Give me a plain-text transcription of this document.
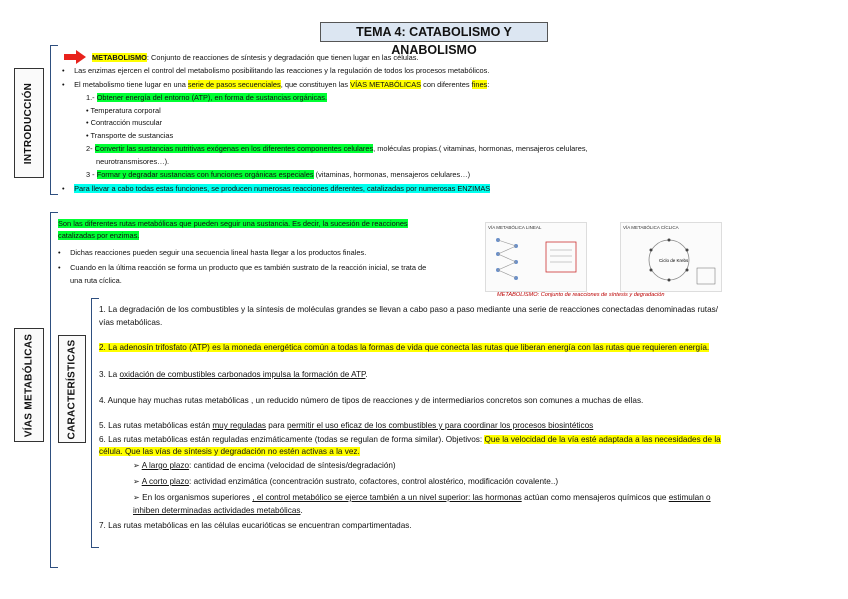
TEMA 4: CATABOLISMO Y ANABOLISMO
INTRODUCCIÓN
METABOLISMO: Conjunto de reacciones de síntesis y degradación que tienen lugar en las células.
• Las enzimas ejercen el control del metabolismo posibilitando las reacciones y la regulación de todos los procesos metabólicos.
• El metabolismo tiene lugar en una serie de pasos secuenciales, que constituyen las VÍAS METABÓLICAS con diferentes fines:
1.- Obtener energía del entorno (ATP), en forma de sustancias orgánicas.
• Temperatura corporal
• Contracción muscular
• Transporte de sustancias
2- Convertir las sustancias nutritivas exógenas en los diferentes componentes celulares, moléculas propias.( vitaminas, hormonas, mensajeros celulares,
neurotransmisores…).
3 - Formar y degradar sustancias con funciones orgánicas especiales (vitaminas, hormonas, mensajeros celulares…)
• Para llevar a cabo todas estas funciones, se producen numerosas reacciones diferentes, catalizadas por numerosas ENZIMAS
VÍAS METABÓLICAS
Son las diferentes rutas metabólicas que pueden seguir una sustancia. Es decir, la sucesión de reacciones
catalizadas por enzimas.
• Dichas reacciones pueden seguir una secuencia lineal hasta llegar a los productos finales.
• Cuando en la última reacción se forma un producto que es también sustrato de la reacción inicial, se trata de
una ruta cíclica.
VÍA METABÓLICA LINEAL	VÍA METABÓLICA CÍCLICA
Ciclo de Krebs
METABOLISMO: Conjunto de reacciones de síntesis y degradación
CARACTERÍSTICAS
1. La degradación de los combustibles y la síntesis de moléculas grandes se llevan a cabo paso a paso mediante una serie de reacciones conectadas denominadas rutas/
vías metabólicas.
2. La adenosín trifosfato (ATP) es la moneda energética común a todas la formas de vida que conecta las rutas que liberan energía con las rutas que requieren energía.
3. La oxidación de combustibles carbonados impulsa la formación de ATP.
4. Aunque hay muchas rutas metabólicas , un reducido número de tipos de reacciones y de intermediarios concretos son comunes a muchas de ellas.
5. Las rutas metabólicas están muy reguladas para permitir el uso eficaz de los combustibles y para coordinar los procesos biosintéticos
6. Las rutas metabólicas están reguladas enzimáticamente (todas se regulan de forma similar). Objetivos: Que la velocidad de la vía esté adaptada a las necesidades de la
célula. Que las vías de síntesis y degradación no estén activas a la vez.
➢ A largo plazo: cantidad de encima (velocidad de síntesis/degradación)
➢ A corto plazo: actividad enzimática (concentración sustrato, cofactores, control alostérico, modificación covalente..)
➢ En los organismos superiores , el control metabólico se ejerce también a un nivel superior: las hormonas actúan como mensajeros químicos que estimulan o
inhiben determinadas actividades metabólicas.
7. Las rutas metabólicas en las células eucarióticas se encuentran compartimentadas.
